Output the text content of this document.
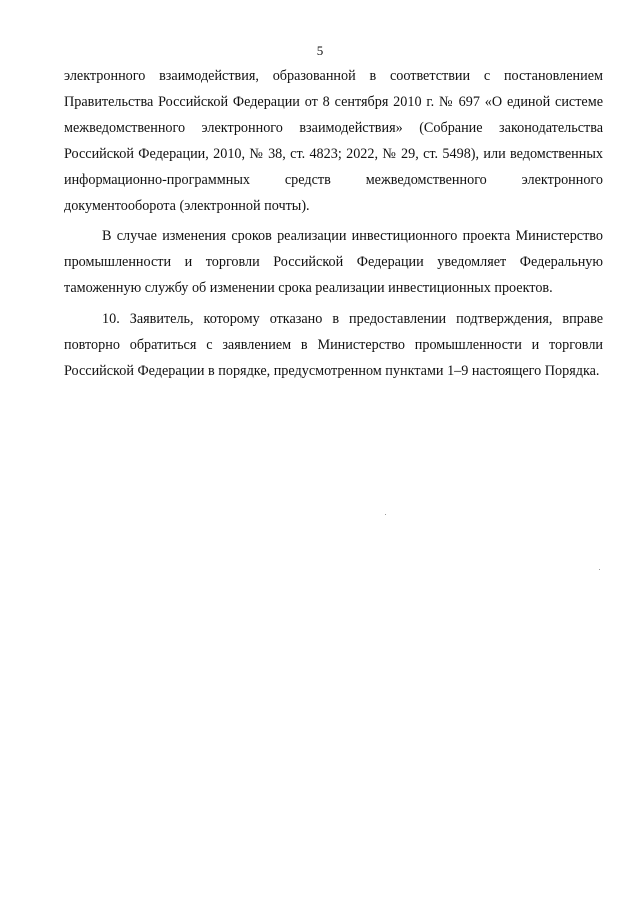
5

электронного взаимодействия, образованной в соответствии с постановлением Правительства Российской Федерации от 8 сентября 2010 г. № 697 «О единой системе межведомственного электронного взаимодействия» (Собрание законодательства Российской Федерации, 2010, № 38, ст. 4823; 2022, № 29, ст. 5498), или ведомственных информационно-программных средств межведомственного электронного документооборота (электронной почты).

В случае изменения сроков реализации инвестиционного проекта Министерство промышленности и торговли Российской Федерации уведомляет Федеральную таможенную службу об изменении срока реализации инвестиционных проектов.

10. Заявитель, которому отказано в предоставлении подтверждения, вправе повторно обратиться с заявлением в Министерство промышленности и торговли Российской Федерации в порядке, предусмотренном пунктами 1–9 настоящего Порядка.
